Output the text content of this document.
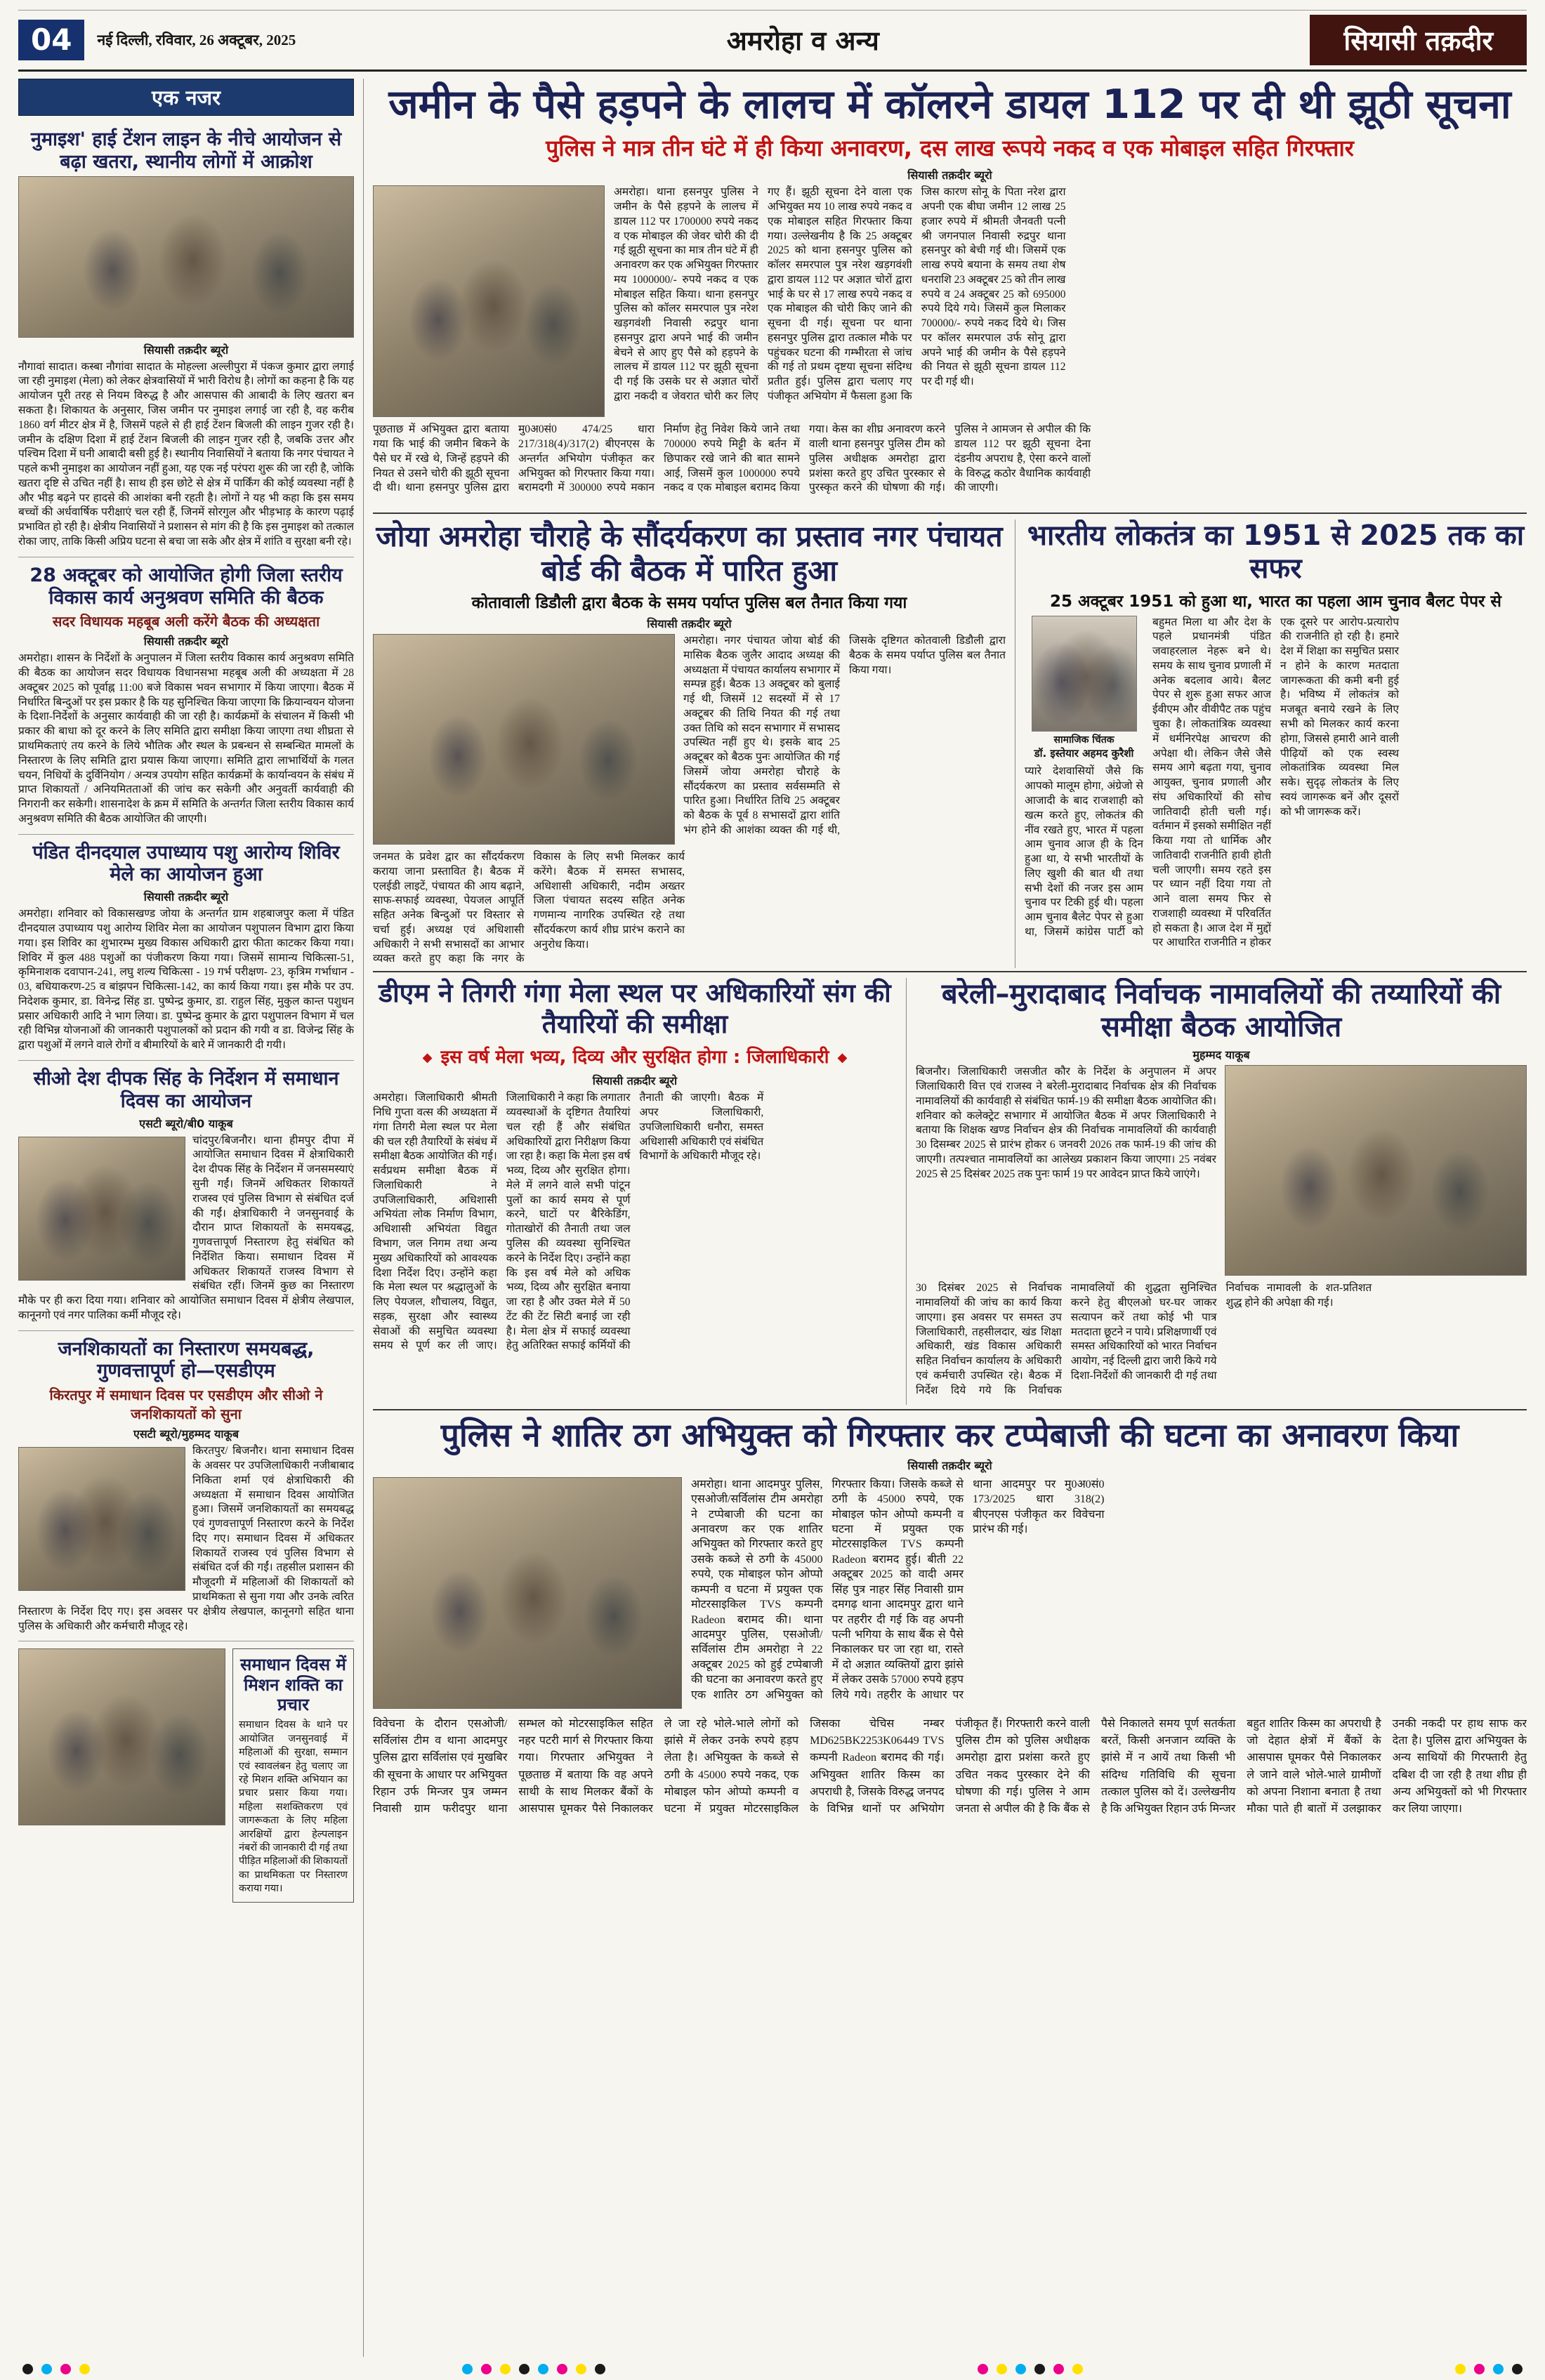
04	नई दिल्ली, रविवार, 26 अक्टूबर, 2025	अमरोहा व अन्य	सियासी तक़दीर
एक नजर
नुमाइश' हाई टेंशन लाइन के नीचे आयोजन से बढ़ा खतरा, स्थानीय लोगों में आक्रोश
सियासी तक़दीर ब्यूरो

नौगावां सादात। कस्बा नौगांवा सादात के मोहल्ला अल्लीपुरा में पंकज कुमार द्वारा लगाई जा रही नुमाइश (मेला) को लेकर क्षेत्रवासियों में भारी विरोध है। लोगों का कहना है कि यह आयोजन पूरी तरह से नियम विरुद्ध है और आसपास की आबादी के लिए खतरा बन सकता है। शिकायत के अनुसार, जिस जमीन पर नुमाइश लगाई जा रही है, वह करीब 1860 वर्ग मीटर क्षेत्र में है, जिसमें पहले से ही हाई टेंशन बिजली की लाइन गुजर रही है। जमीन के दक्षिण दिशा में हाई टेंशन बिजली की लाइन गुजर रही है, जबकि उत्तर और पश्चिम दिशा में घनी आबादी बसी हुई है। स्थानीय निवासियों ने बताया कि नगर पंचायत ने पहले कभी नुमाइश का आयोजन नहीं हुआ, यह एक नई परंपरा शुरू की जा रही है, जोकि खतरा दृष्टि से उचित नहीं है। साथ ही इस छोटे से क्षेत्र में पार्किंग की कोई व्यवस्था नहीं है और भीड़ बढ़ने पर हादसे की आशंका बनी रहती है। लोगों ने यह भी कहा कि इस समय बच्चों की अर्धवार्षिक परीक्षाएं चल रही हैं, जिनमें सोरगुल और भीड़भाड़ के कारण पढ़ाई प्रभावित हो रही है। क्षेत्रीय निवासियों ने प्रशासन से मांग की है कि इस नुमाइश को तत्काल रोका जाए, ताकि किसी अप्रिय घटना से बचा जा सके और क्षेत्र में शांति व सुरक्षा बनी रहे।

28 अक्टूबर को आयोजित होगी जिला स्तरीय विकास कार्य अनुश्रवण समिति की बैठक
सदर विधायक महबूब अली करेंगे बैठक की अध्यक्षता
सियासी तक़दीर ब्यूरो

अमरोहा। शासन के निर्देशों के अनुपालन में जिला स्तरीय विकास कार्य अनुश्रवण समिति की बैठक का आयोजन सदर विधायक विधानसभा महबूब अली की अध्यक्षता में 28 अक्टूबर 2025 को पूर्वाह्न 11:00 बजे विकास भवन सभागार में किया जाएगा। बैठक में निर्धारित बिन्दुओं पर इस प्रकार है कि यह सुनिश्चित किया जाएगा कि क्रियान्वयन योजना के दिशा-निर्देशों के अनुसार कार्यवाही की जा रही है। कार्यक्रमों के संचालन में किसी भी प्रकार की बाधा को दूर करने के लिए समिति द्वारा समीक्षा किया जाएगा तथा शीघ्रता से प्राथमिकताएं तय करने के लिये भौतिक और स्थल के प्रबन्धन से सम्बन्धित मामलों के निस्तारण के लिए समिति द्वारा प्रयास किया जाएगा। समिति द्वारा लाभार्थियों के गलत चयन, निधियों के दुर्विनियोग / अन्यत्र उपयोग सहित कार्यक्रमों के कार्यान्वयन के संबंध में प्राप्त शिकायतों / अनियमितताओं की जांच कर सकेगी और अनुवर्ती कार्यवाही की निगरानी कर सकेगी। शासनादेश के क्रम में समिति के अन्तर्गत जिला स्तरीय विकास कार्य अनुश्रवण समिति की बैठक आयोजित की जाएगी।

पंडित दीनदयाल उपाध्याय पशु आरोग्य शिविर मेले का आयोजन हुआ
सियासी तक़दीर ब्यूरो

अमरोहा। शनिवार को विकासखण्ड जोया के अन्तर्गत ग्राम शहबाजपुर कला में पंडित दीनदयाल उपाध्याय पशु आरोग्य शिविर मेला का आयोजन पशुपालन विभाग द्वारा किया गया। इस शिविर का शुभारम्भ मुख्य विकास अधिकारी द्वारा फीता काटकर किया गया। शिविर में कुल 488 पशुओं का पंजीकरण किया गया। जिसमें सामान्य चिकित्सा-51, कृमिनाशक दवापान-241, लघु शल्य चिकित्सा - 19 गर्भ परीक्षण- 23, कृत्रिम गर्भाधान - 03, बधियाकरण-25 व बांझपन चिकित्सा-142, का कार्य किया गया। इस मौके पर उप. निदेशक कुमार, डा. विनेन्द्र सिंह डा. पुष्पेन्द्र कुमार, डा. राहुल सिंह, मुकुल कान्त पशुधन प्रसार अधिकारी आदि ने भाग लिया। डा. पुष्पेन्द्र कुमार के द्वारा पशुपालन विभाग में चल रही विभिन्न योजनाओं की जानकारी पशुपालकों को प्रदान की गयी व डा. विजेन्द्र सिंह के द्वारा पशुओं में लगने वाले रोगों व बीमारियों के बारे में जानकारी दी गयी।

सीओ देश दीपक सिंह के निर्देशन में समाधान दिवस का आयोजन
एसटी ब्यूरो/बी0 याकूब

चांदपुर/बिजनौर। थाना हीमपुर दीपा में आयोजित समाधान दिवस में क्षेत्राधिकारी देश दीपक सिंह के निर्देशन में जनसमस्याएं सुनी गईं। जिनमें अधिकतर शिकायतें राजस्व एवं पुलिस विभाग से संबंधित दर्ज की गईं। क्षेत्राधिकारी ने जनसुनवाई के दौरान प्राप्त शिकायतों के समयबद्ध, गुणवत्तापूर्ण निस्तारण हेतु संबंधित को निर्देशित किया। समाधान दिवस में अधिकतर शिकायतें राजस्व विभाग से संबंधित रहीं। जिनमें कुछ का निस्तारण मौके पर ही करा दिया गया। शनिवार को आयोजित समाधान दिवस में क्षेत्रीय लेखपाल, कानूनगो एवं नगर पालिका कर्मी मौजूद रहे।

जनशिकायतों का निस्तारण समयबद्ध, गुणवत्तापूर्ण हो—एसडीएम
किरतपुर में समाधान दिवस पर एसडीएम और सीओ ने जनशिकायतों को सुना
एसटी ब्यूरो/मुहम्मद याकूब

किरतपुर/ बिजनौर। थाना समाधान दिवस के अवसर पर उपजिलाधिकारी नजीबाबाद निकिता शर्मा एवं क्षेत्राधिकारी की अध्यक्षता में समाधान दिवस आयोजित हुआ। जिसमें जनशिकायतों का समयबद्ध एवं गुणवत्तापूर्ण निस्तारण करने के निर्देश दिए गए। समाधान दिवस में अधिकतर शिकायतें राजस्व एवं पुलिस विभाग से संबंधित दर्ज की गईं। तहसील प्रशासन की मौजूदगी में महिलाओं की शिकायतों को प्राथमिकता से सुना गया और उनके त्वरित निस्तारण के निर्देश दिए गए। इस अवसर पर क्षेत्रीय लेखपाल, कानूनगो सहित थाना पुलिस के अधिकारी और कर्मचारी मौजूद रहे।

समाधान दिवस में मिशन शक्ति का प्रचार

समाधान दिवस के थाने पर आयोजित जनसुनवाई में महिलाओं की सुरक्षा, सम्मान एवं स्वावलंबन हेतु चलाए जा रहे मिशन शक्ति अभियान का प्रचार प्रसार किया गया। महिला सशक्तिकरण एवं जागरूकता के लिए महिला आरक्षियों द्वारा हेल्पलाइन नंबरों की जानकारी दी गई तथा पीड़ित महिलाओं की शिकायतों का प्राथमिकता पर निस्तारण कराया गया।

जमीन के पैसे हड़पने के लालच में कॉलरने डायल 112 पर दी थी झूठी सूचना
पुलिस ने मात्र तीन घंटे में ही किया अनावरण, दस लाख रूपये नकद व एक मोबाइल सहित गिरफ्तार
सियासी तक़दीर ब्यूरो

अमरोहा। थाना हसनपुर पुलिस ने जमीन के पैसे हड़पने के लालच में डायल 112 पर 1700000 रुपये नकद व एक मोबाइल की जेवर चोरी की दी गई झूठी सूचना का मात्र तीन घंटे में ही अनावरण कर एक अभियुक्त गिरफ्तार मय 1000000/- रुपये नकद व एक मोबाइल सहित किया। थाना हसनपुर पुलिस को कॉलर समरपाल पुत्र नरेश खड़गवंशी निवासी रुद्रपुर थाना हसनपुर द्वारा अपने भाई की जमीन बेचने से आए हुए पैसे को हड़पने के लालच में डायल 112 पर झूठी सूचना दी गई कि उसके घर से अज्ञात चोरों द्वारा नकदी व जेवरात चोरी कर लिए गए हैं। झूठी सूचना देने वाला एक अभियुक्त मय 10 लाख रुपये नकद व एक मोबाइल सहित गिरफ्तार किया गया। उल्लेखनीय है कि 25 अक्टूबर 2025 को थाना हसनपुर पुलिस को कॉलर समरपाल पुत्र नरेश खड़गवंशी द्वारा डायल 112 पर अज्ञात चोरों द्वारा भाई के घर से 17 लाख रुपये नकद व एक मोबाइल की चोरी किए जाने की सूचना दी गई। सूचना पर थाना हसनपुर पुलिस द्वारा तत्काल मौके पर पहुंचकर घटना की गम्भीरता से जांच की गई तो प्रथम दृष्टया सूचना संदिग्ध प्रतीत हुई। पुलिस द्वारा चलाए गए पंजीकृत अभियोग में फैसला हुआ कि जिस कारण सोनू के पिता नरेश द्वारा अपनी एक बीघा जमीन 12 लाख 25 हजार रुपये में श्रीमती जैनवती पत्नी श्री जगनपाल निवासी रुद्रपुर थाना हसनपुर को बेची गई थी। जिसमें एक लाख रुपये बयाना के समय तथा शेष धनराशि 23 अक्टूबर 25 को तीन लाख रुपये व 24 अक्टूबर 25 को 695000 रुपये दिये गये। जिसमें कुल मिलाकर 700000/- रुपये नकद दिये थे। जिस पर कॉलर समरपाल उर्फ सोनू द्वारा अपने भाई की जमीन के पैसे हड़पने की नियत से झूठी सूचना डायल 112 पर दी गई थी।

पूछताछ में अभियुक्त द्वारा बताया गया कि भाई की जमीन बिकने के पैसे घर में रखे थे, जिन्हें हड़पने की नियत से उसने चोरी की झूठी सूचना दी थी। थाना हसनपुर पुलिस द्वारा मु0अ0सं0 474/25 धारा 217/318(4)/317(2) बीएनएस के अन्तर्गत अभियोग पंजीकृत कर अभियुक्त को गिरफ्तार किया गया। बरामदगी में 300000 रुपये मकान निर्माण हेतु निवेश किये जाने तथा 700000 रुपये मिट्टी के बर्तन में छिपाकर रखे जाने की बात सामने आई, जिसमें कुल 1000000 रुपये नकद व एक मोबाइल बरामद किया गया। केस का शीघ्र अनावरण करने वाली थाना हसनपुर पुलिस टीम को पुलिस अधीक्षक अमरोहा द्वारा प्रशंसा करते हुए उचित पुरस्कार से पुरस्कृत करने की घोषणा की गई। पुलिस ने आमजन से अपील की कि डायल 112 पर झूठी सूचना देना दंडनीय अपराध है, ऐसा करने वालों के विरुद्ध कठोर वैधानिक कार्यवाही की जाएगी।

जोया अमरोहा चौराहे के सौंदर्यकरण का प्रस्ताव नगर पंचायत बोर्ड की बैठक में पारित हुआ
कोतावाली डिडौली द्वारा बैठक के समय पर्याप्त पुलिस बल तैनात किया गया
सियासी तक़दीर ब्यूरो

अमरोहा। नगर पंचायत जोया बोर्ड की मासिक बैठक जुलैर आदाद अध्यक्ष की अध्यक्षता में पंचायत कार्यालय सभागार में सम्पन्न हुई। बैठक 13 अक्टूबर को बुलाई गई थी, जिसमें 12 सदस्यों में से 17 अक्टूबर की तिथि नियत की गई तथा उक्त तिथि को सदन सभागार में सभासद उपस्थित नहीं हुए थे। इसके बाद 25 अक्टूबर को बैठक पुनः आयोजित की गई जिसमें जोया अमरोहा चौराहे के सौंदर्यकरण का प्रस्ताव सर्वसम्मति से पारित हुआ। निर्धारित तिथि 25 अक्टूबर को बैठक के पूर्व 8 सभासदों द्वारा शांति भंग होने की आशंका व्यक्त की गई थी, जिसके दृष्टिगत कोतवाली डिडौली द्वारा बैठक के समय पर्याप्त पुलिस बल तैनात किया गया।

जनमत के प्रवेश द्वार का सौंदर्यकरण कराया जाना प्रस्तावित है। बैठक में एलईडी लाइटें, पंचायत की आय बढ़ाने, साफ-सफाई व्यवस्था, पेयजल आपूर्ति सहित अनेक बिन्दुओं पर विस्तार से चर्चा हुई। अध्यक्ष एवं अधिशासी अधिकारी ने सभी सभासदों का आभार व्यक्त करते हुए कहा कि नगर के विकास के लिए सभी मिलकर कार्य करेंगे। बैठक में समस्त सभासद, अधिशासी अधिकारी, नदीम अख्तर जिला पंचायत सदस्य सहित अनेक गणमान्य नागरिक उपस्थित रहे तथा सौंदर्यकरण कार्य शीघ्र प्रारंभ कराने का अनुरोध किया।

भारतीय लोकतंत्र का 1951 से 2025 तक का सफर
25 अक्टूबर 1951 को हुआ था, भारत का पहला आम चुनाव बैलट पेपर से
सामाजिक चिंतक
डॉ. इस्तेयार अहमद कुरैशी
प्यारे देशवासियों जैसे कि आपको मालूम होगा, अंग्रेजो से आजादी के बाद राजशाही को खत्म करते हुए, लोकतंत्र की नींव रखते हुए, भारत में पहला आम चुनाव आज ही के दिन हुआ था, ये सभी भारतीयों के लिए खुशी की बात थी तथा सभी देशों की नजर इस आम चुनाव पर टिकी हुई थी। पहला आम चुनाव बैलेट पेपर से हुआ था, जिसमें कांग्रेस पार्टी को बहुमत मिला था और देश के पहले प्रधानमंत्री पंडित जवाहरलाल नेहरू बने थे। समय के साथ चुनाव प्रणाली में अनेक बदलाव आये। बैलट पेपर से शुरू हुआ सफर आज ईवीएम और वीवीपैट तक पहुंच चुका है। लोकतांत्रिक व्यवस्था में धर्मनिरपेक्ष आचरण की अपेक्षा थी। लेकिन जैसे जैसे समय आगे बढ़ता गया, चुनाव आयुक्त, चुनाव प्रणाली और संघ अधिकारियों की सोच जातिवादी होती चली गई। वर्तमान में इसको समीक्षित नहीं किया गया तो धार्मिक और जातिवादी राजनीति हावी होती चली जाएगी। समय रहते इस पर ध्यान नहीं दिया गया तो आने वाला समय फिर से राजशाही व्यवस्था में परिवर्तित हो सकता है। आज देश में मुद्दों पर आधारित राजनीति न होकर एक दूसरे पर आरोप-प्रत्यारोप की राजनीति हो रही है। हमारे देश में शिक्षा का समुचित प्रसार न होने के कारण मतदाता जागरूकता की कमी बनी हुई है। भविष्य में लोकतंत्र को मजबूत बनाये रखने के लिए सभी को मिलकर कार्य करना होगा, जिससे हमारी आने वाली पीढ़ियों को एक स्वस्थ लोकतांत्रिक व्यवस्था मिल सके। सुदृढ़ लोकतंत्र के लिए स्वयं जागरूक बनें और दूसरों को भी जागरूक करें।
डीएम ने तिगरी गंगा मेला स्थल पर अधिकारियों संग की तैयारियों की समीक्षा
◆ इस वर्ष मेला भव्य, दिव्य और सुरक्षित होगा : जिलाधिकारी ◆
सियासी तक़दीर ब्यूरो

अमरोहा। जिलाधिकारी श्रीमती निधि गुप्ता वत्स की अध्यक्षता में गंगा तिगरी मेला स्थल पर मेला की चल रही तैयारियों के संबंध में समीक्षा बैठक आयोजित की गई। सर्वप्रथम समीक्षा बैठक में जिलाधिकारी ने उपजिलाधिकारी, अधिशासी अभियंता लोक निर्माण विभाग, अधिशासी अभियंता विद्युत विभाग, जल निगम तथा अन्य मुख्य अधिकारियों को आवश्यक दिशा निर्देश दिए। उन्होंने कहा कि मेला स्थल पर श्रद्धालुओं के लिए पेयजल, शौचालय, विद्युत, सड़क, सुरक्षा और स्वास्थ्य सेवाओं की समुचित व्यवस्था समय से पूर्ण कर ली जाए। जिलाधिकारी ने कहा कि लगातार व्यवस्थाओं के दृष्टिगत तैयारियां चल रही हैं और संबंधित अधिकारियों द्वारा निरीक्षण किया जा रहा है। कहा कि मेला इस वर्ष भव्य, दिव्य और सुरक्षित होगा। मेले में लगने वाले सभी पांटून पुलों का कार्य समय से पूर्ण करने, घाटों पर बैरिकेडिंग, गोताखोरों की तैनाती तथा जल पुलिस की व्यवस्था सुनिश्चित करने के निर्देश दिए। उन्होंने कहा कि इस वर्ष मेले को अधिक भव्य, दिव्य और सुरक्षित बनाया जा रहा है और उक्त मेले में 50 टेंट की टेंट सिटी बनाई जा रही है। मेला क्षेत्र में सफाई व्यवस्था हेतु अतिरिक्त सफाई कर्मियों की तैनाती की जाएगी। बैठक में अपर जिलाधिकारी, उपजिलाधिकारी धनौरा, समस्त अधिशासी अधिकारी एवं संबंधित विभागों के अधिकारी मौजूद रहे।

बरेली–मुरादाबाद निर्वाचक नामावलियों की तय्यारियों की समीक्षा बैठक आयोजित
मुहम्मद याकूब

बिजनौर। जिलाधिकारी जसजीत कौर के निर्देश के अनुपालन में अपर जिलाधिकारी वित्त एवं राजस्व ने बरेली-मुरादाबाद निर्वाचक क्षेत्र की निर्वाचक नामावलियों की कार्यवाही से संबंधित फार्म-19 की समीक्षा बैठक आयोजित की। शनिवार को कलेक्ट्रेट सभागार में आयोजित बैठक में अपर जिलाधिकारी ने बताया कि शिक्षक खण्ड निर्वाचन क्षेत्र की निर्वाचक नामावलियों की कार्यवाही 30 दिसम्बर 2025 से प्रारंभ होकर 6 जनवरी 2026 तक फार्म-19 की जांच की जाएगी। तत्पश्चात नामावलियों का आलेख्य प्रकाशन किया जाएगा। 25 नवंबर 2025 से 25 दिसंबर 2025 तक पुनः फार्म 19 पर आवेदन प्राप्त किये जाएंगे।

30 दिसंबर 2025 से निर्वाचक नामावलियों की जांच का कार्य किया जाएगा। इस अवसर पर समस्त उप जिलाधिकारी, तहसीलदार, खंड शिक्षा अधिकारी, खंड विकास अधिकारी सहित निर्वाचन कार्यालय के अधिकारी एवं कर्मचारी उपस्थित रहे। बैठक में निर्देश दिये गये कि निर्वाचक नामावलियों की शुद्धता सुनिश्चित करने हेतु बीएलओ घर-घर जाकर सत्यापन करें तथा कोई भी पात्र मतदाता छूटने न पाये। प्रशिक्षणार्थी एवं समस्त अधिकारियों को भारत निर्वाचन आयोग, नई दिल्ली द्वारा जारी किये गये दिशा-निर्देशों की जानकारी दी गई तथा निर्वाचक नामावली के शत-प्रतिशत शुद्ध होने की अपेक्षा की गई।

पुलिस ने शातिर ठग अभियुक्त को गिरफ्तार कर टप्पेबाजी की घटना का अनावरण किया
सियासी तक़दीर ब्यूरो

अमरोहा। थाना आदमपुर पुलिस, एसओजी/सर्विलांस टीम अमरोहा ने टप्पेबाजी की घटना का अनावरण कर एक शातिर अभियुक्त को गिरफ्तार करते हुए उसके कब्जे से ठगी के 45000 रुपये, एक मोबाइल फोन ओप्पो कम्पनी व घटना में प्रयुक्त एक मोटरसाइकिल TVS कम्पनी Radeon बरामद की। थाना आदमपुर पुलिस, एसओजी/सर्विलांस टीम अमरोहा ने 22 अक्टूबर 2025 को हुई टप्पेबाजी की घटना का अनावरण करते हुए एक शातिर ठग अभियुक्त को गिरफ्तार किया। जिसके कब्जे से ठगी के 45000 रुपये, एक मोबाइल फोन ओप्पो कम्पनी व घटना में प्रयुक्त एक मोटरसाइकिल TVS कम्पनी Radeon बरामद हुई। बीती 22 अक्टूबर 2025 को वादी अमर सिंह पुत्र नाहर सिंह निवासी ग्राम दमगढ़ थाना आदमपुर द्वारा थाने पर तहरीर दी गई कि वह अपनी पत्नी भगिया के साथ बैंक से पैसे निकालकर घर जा रहा था, रास्ते में दो अज्ञात व्यक्तियों द्वारा झांसे में लेकर उसके 57000 रुपये हड़प लिये गये। तहरीर के आधार पर थाना आदमपुर पर मु0अ0सं0 173/2025 धारा 318(2) बीएनएस पंजीकृत कर विवेचना प्रारंभ की गई।

विवेचना के दौरान एसओजी/सर्विलांस टीम व थाना आदमपुर पुलिस द्वारा सर्विलांस एवं मुखबिर की सूचना के आधार पर अभियुक्त रिहान उर्फ मिन्जर पुत्र जम्मन निवासी ग्राम फरीदपुर थाना सम्भल को मोटरसाइकिल सहित नहर पटरी मार्ग से गिरफ्तार किया गया। गिरफ्तार अभियुक्त ने पूछताछ में बताया कि वह अपने साथी के साथ मिलकर बैंकों के आसपास घूमकर पैसे निकालकर ले जा रहे भोले-भाले लोगों को झांसे में लेकर उनके रुपये हड़प लेता है। अभियुक्त के कब्जे से ठगी के 45000 रुपये नकद, एक मोबाइल फोन ओप्पो कम्पनी व घटना में प्रयुक्त मोटरसाइकिल जिसका चेचिस नम्बर MD625BK2253K06449 TVS कम्पनी Radeon बरामद की गई। अभियुक्त शातिर किस्म का अपराधी है, जिसके विरुद्ध जनपद के विभिन्न थानों पर अभियोग पंजीकृत हैं। गिरफ्तारी करने वाली पुलिस टीम को पुलिस अधीक्षक अमरोहा द्वारा प्रशंसा करते हुए उचित नकद पुरस्कार देने की घोषणा की गई। पुलिस ने आम जनता से अपील की है कि बैंक से पैसे निकालते समय पूर्ण सतर्कता बरतें, किसी अनजान व्यक्ति के झांसे में न आयें तथा किसी भी संदिग्ध गतिविधि की सूचना तत्काल पुलिस को दें। उल्लेखनीय है कि अभियुक्त रिहान उर्फ मिन्जर बहुत शातिर किस्म का अपराधी है जो देहात क्षेत्रों में बैंकों के आसपास घूमकर पैसे निकालकर ले जाने वाले भोले-भाले ग्रामीणों को अपना निशाना बनाता है तथा मौका पाते ही बातों में उलझाकर उनकी नकदी पर हाथ साफ कर देता है। पुलिस द्वारा अभियुक्त के अन्य साथियों की गिरफ्तारी हेतु दबिश दी जा रही है तथा शीघ्र ही अन्य अभियुक्तों को भी गिरफ्तार कर लिया जाएगा।
